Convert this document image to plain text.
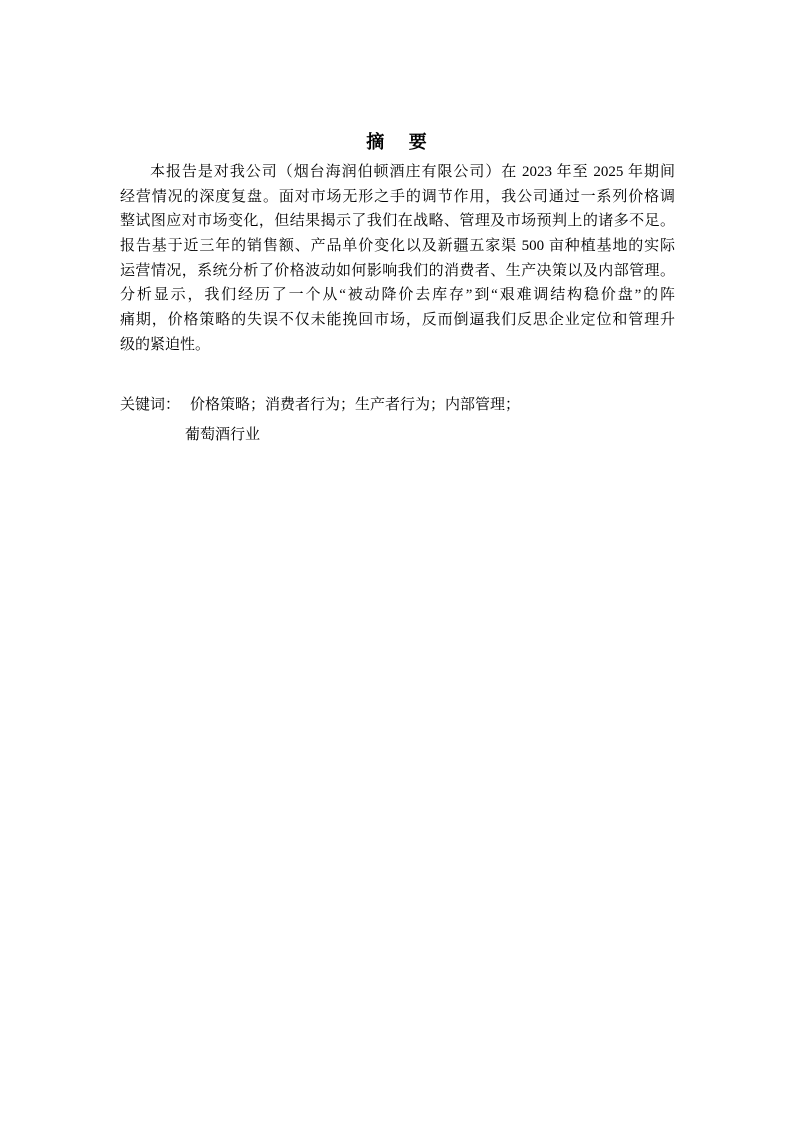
摘 要
本报告是对我公司（烟台海润伯顿酒庄有限公司）在 2023 年至 2025 年期间
经营情况的深度复盘。面对市场无形之手的调节作用，我公司通过一系列价格调
整试图应对市场变化，但结果揭示了我们在战略、管理及市场预判上的诸多不足。
报告基于近三年的销售额、产品单价变化以及新疆五家渠 500 亩种植基地的实际
运营情况，系统分析了价格波动如何影响我们的消费者、生产决策以及内部管理。
分析显示，我们经历了一个从“被动降价去库存”到“艰难调结构稳价盘”的阵
痛期，价格策略的失误不仅未能挽回市场，反而倒逼我们反思企业定位和管理升
级的紧迫性。
关键词： 价格策略；消费者行为；生产者行为；内部管理；
葡萄酒行业
